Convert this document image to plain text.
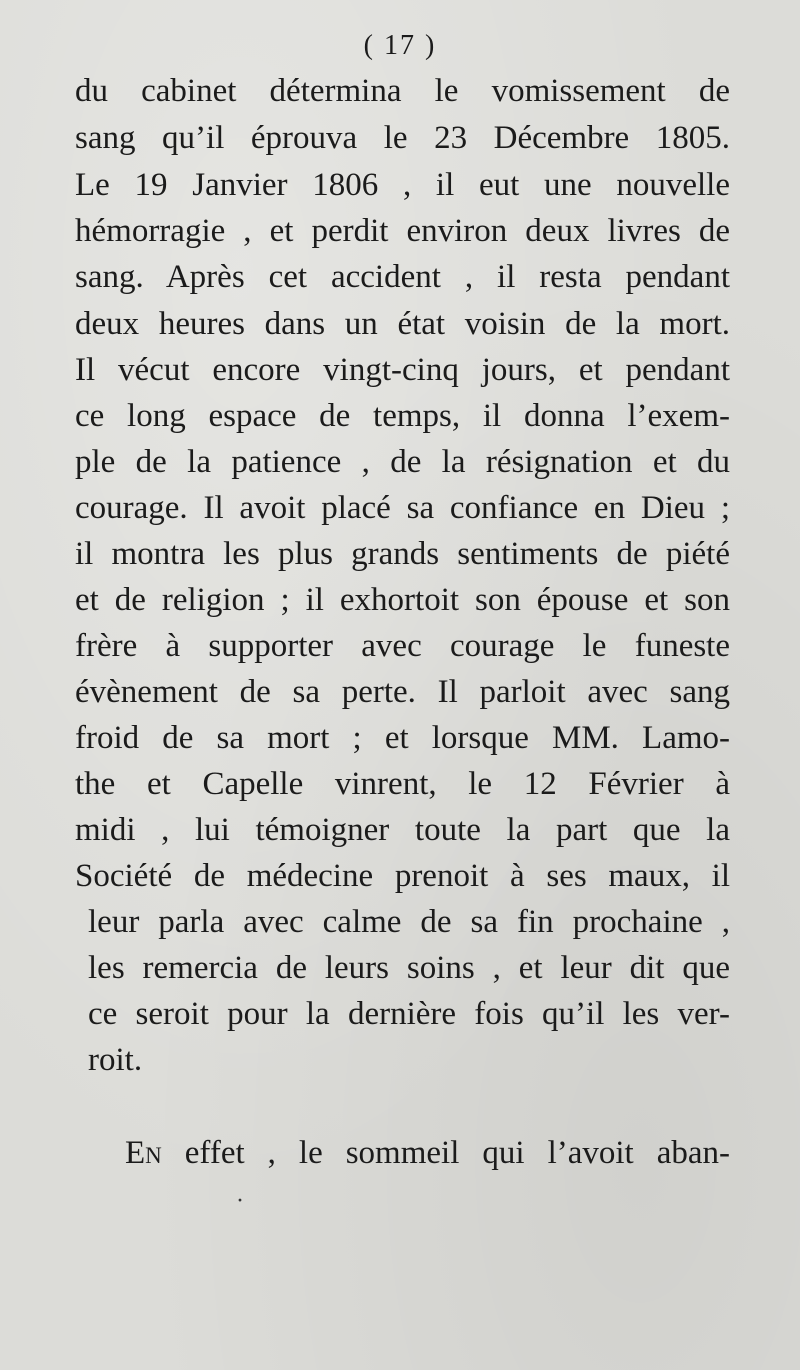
( 17 )
du cabinet détermina le vomissement de
sang qu’il éprouva le 23 Décembre 1805.
Le 19 Janvier 1806 , il eut une nouvelle
hémorragie , et perdit environ deux livres de
sang. Après cet accident , il resta pendant
deux heures dans un état voisin de la mort.
Il vécut encore vingt-cinq jours, et pendant
ce long espace de temps, il donna l’exem-
ple de la patience , de la résignation et du
courage. Il avoit placé sa confiance en Dieu ;
il montra les plus grands sentiments de piété
et de religion ; il exhortoit son épouse et son
frère à supporter avec courage le funeste
évènement de sa perte. Il parloit avec sang
froid de sa mort ; et lorsque MM. Lamo-
the et Capelle vinrent, le 12 Février à
midi , lui témoigner toute la part que la
Société de médecine prenoit à ses maux, il
leur parla avec calme de sa fin prochaine ,
les remercia de leurs soins , et leur dit que
ce seroit pour la dernière fois qu’il les ver-
roit.
En effet , le sommeil qui l’avoit aban-
·
